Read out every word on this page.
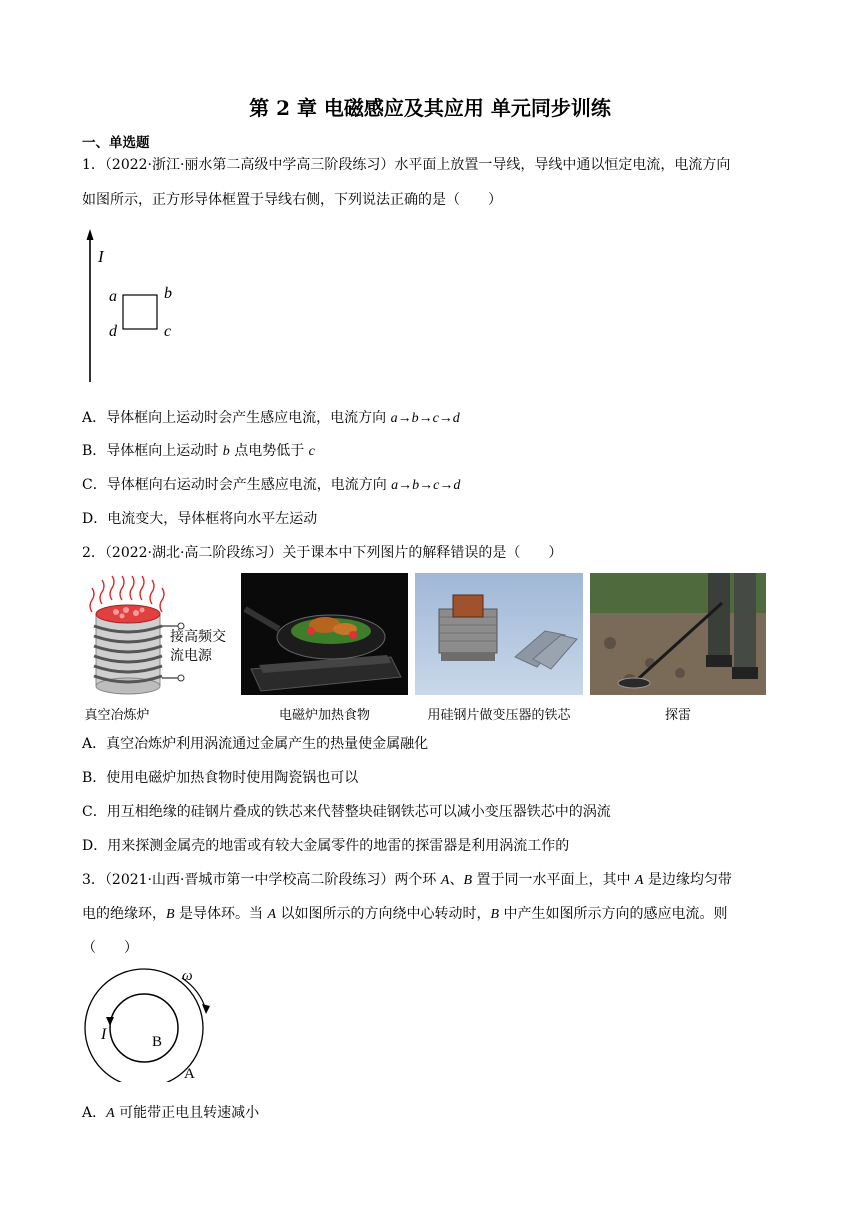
第 2 章 电磁感应及其应用 单元同步训练
一、单选题
1．（2022·浙江·丽水第二高级中学高三阶段练习）水平面上放置一导线，导线中通以恒定电流，电流方向
如图所示，正方形导体框置于导线右侧，下列说法正确的是（　　）
I
a	b
c
d
A．导体框向上运动时会产生感应电流，电流方向 a→b→c→d
B．导体框向上运动时 b 点电势低于 c
C．导体框向右运动时会产生感应电流，电流方向 a→b→c→d
D．电流变大，导体框将向水平左运动
2．（2022·湖北·高二阶段练习）关于课本中下列图片的解释错误的是（　　）
接高频交
流电源
真空冶炼炉	电磁炉加热食物	用硅钢片做变压器的铁芯	探雷
A．真空冶炼炉利用涡流通过金属产生的热量使金属融化
B．使用电磁炉加热食物时使用陶瓷锅也可以
C．用互相绝缘的硅钢片叠成的铁芯来代替整块硅钢铁芯可以减小变压器铁芯中的涡流
D．用来探测金属壳的地雷或有较大金属零件的地雷的探雷器是利用涡流工作的
3．（2021·山西·晋城市第一中学校高二阶段练习）两个环 A、B 置于同一水平面上，其中 A 是边缘均匀带
电的绝缘环，B 是导体环。当 A 以如图所示的方向绕中心转动时，B 中产生如图所示方向的感应电流。则
（　　）
ω
I	B
A
A．A 可能带正电且转速减小
